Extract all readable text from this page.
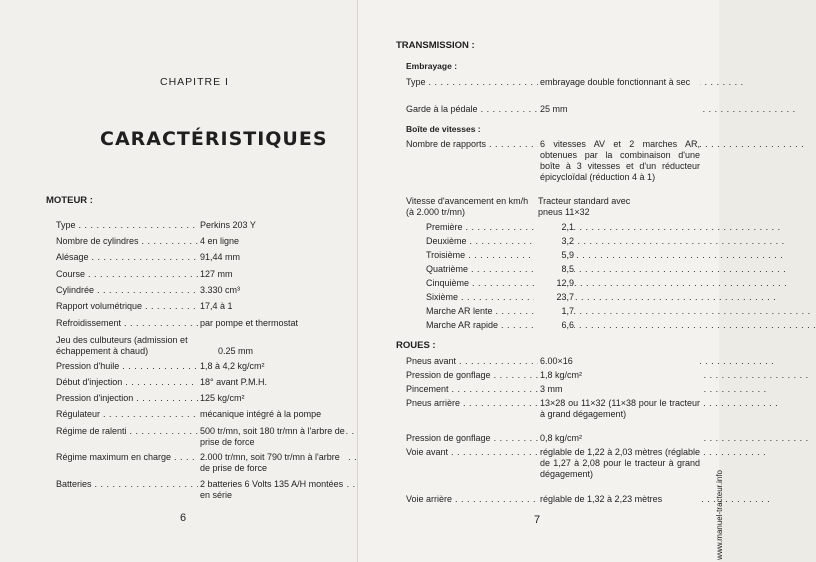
CHAPITRE I
CARACTÉRISTIQUES
MOTEUR :
Type . . .	Perkins 203 Y
Nombre de cylindres . . .	4 en ligne
Alésage . . .	91,44 mm
Course . . .	127 mm
Cylindrée . . .	3.330 cm³
Rapport volumétrique . . .	17,4 à 1
Refroidissement . . .	par pompe et thermostat
Jeu des culbuteurs (admission et échappement à chaud)	0.25 mm
Pression d'huile . . .	1,8 à 4,2 kg/cm²
Début d'injection . . .	18° avant P.M.H.
Pression d'injection . . .	125 kg/cm²
Régulateur . . .	mécanique intégré à la pompe
Régime de ralenti . . .	500 tr/mn, soit 180 tr/mn à l'arbre de prise de force
Régime maximum en charge . . .	2.000 tr/mn, soit 790 tr/mn à l'arbre de prise de force
Batteries . . .	2 batteries 6 Volts 135 A/H montées en série
6
TRANSMISSION :
Embrayage :
Type . . .	embrayage double fonctionnant à sec
Garde à la pédale . . .	25 mm
Boîte de vitesses :
Nombre de rapports . . .	6 vitesses AV et 2 marches AR, obtenues par la combinaison d'une boîte à 3 vitesses et d'un réducteur épicycloïdal (réduction 4 à 1)
Vitesse d'avancement en km/h (à 2.000 tr/mn)
Tracteur standard avec pneus 11×32
Première . . .	2,1
Deuxième . . .	3,2
Troisième . . .	5,9
Quatrième . . .	8,5
Cinquième . . .	12,9
Sixième . . .	23,7
Marche AR lente . . .	1,7
Marche AR rapide . . .	6,6
ROUES :
Pneus avant . . .	6.00×16
Pression de gonflage . . .	1,8 kg/cm²
Pincement . . .	3 mm
Pneus arrière . . .	13×28 ou 11×32 (11×38 pour le tracteur à grand dégagement)
Pression de gonflage . . .	0,8 kg/cm²
Voie avant . . .	réglable de 1,22 à 2,03 mètres (réglable de 1,27 à 2,08 pour le tracteur à grand dégagement)
Voie arrière . . .	réglable de 1,32 à 2,23 mètres
7	www.manuel-tracteur.info
